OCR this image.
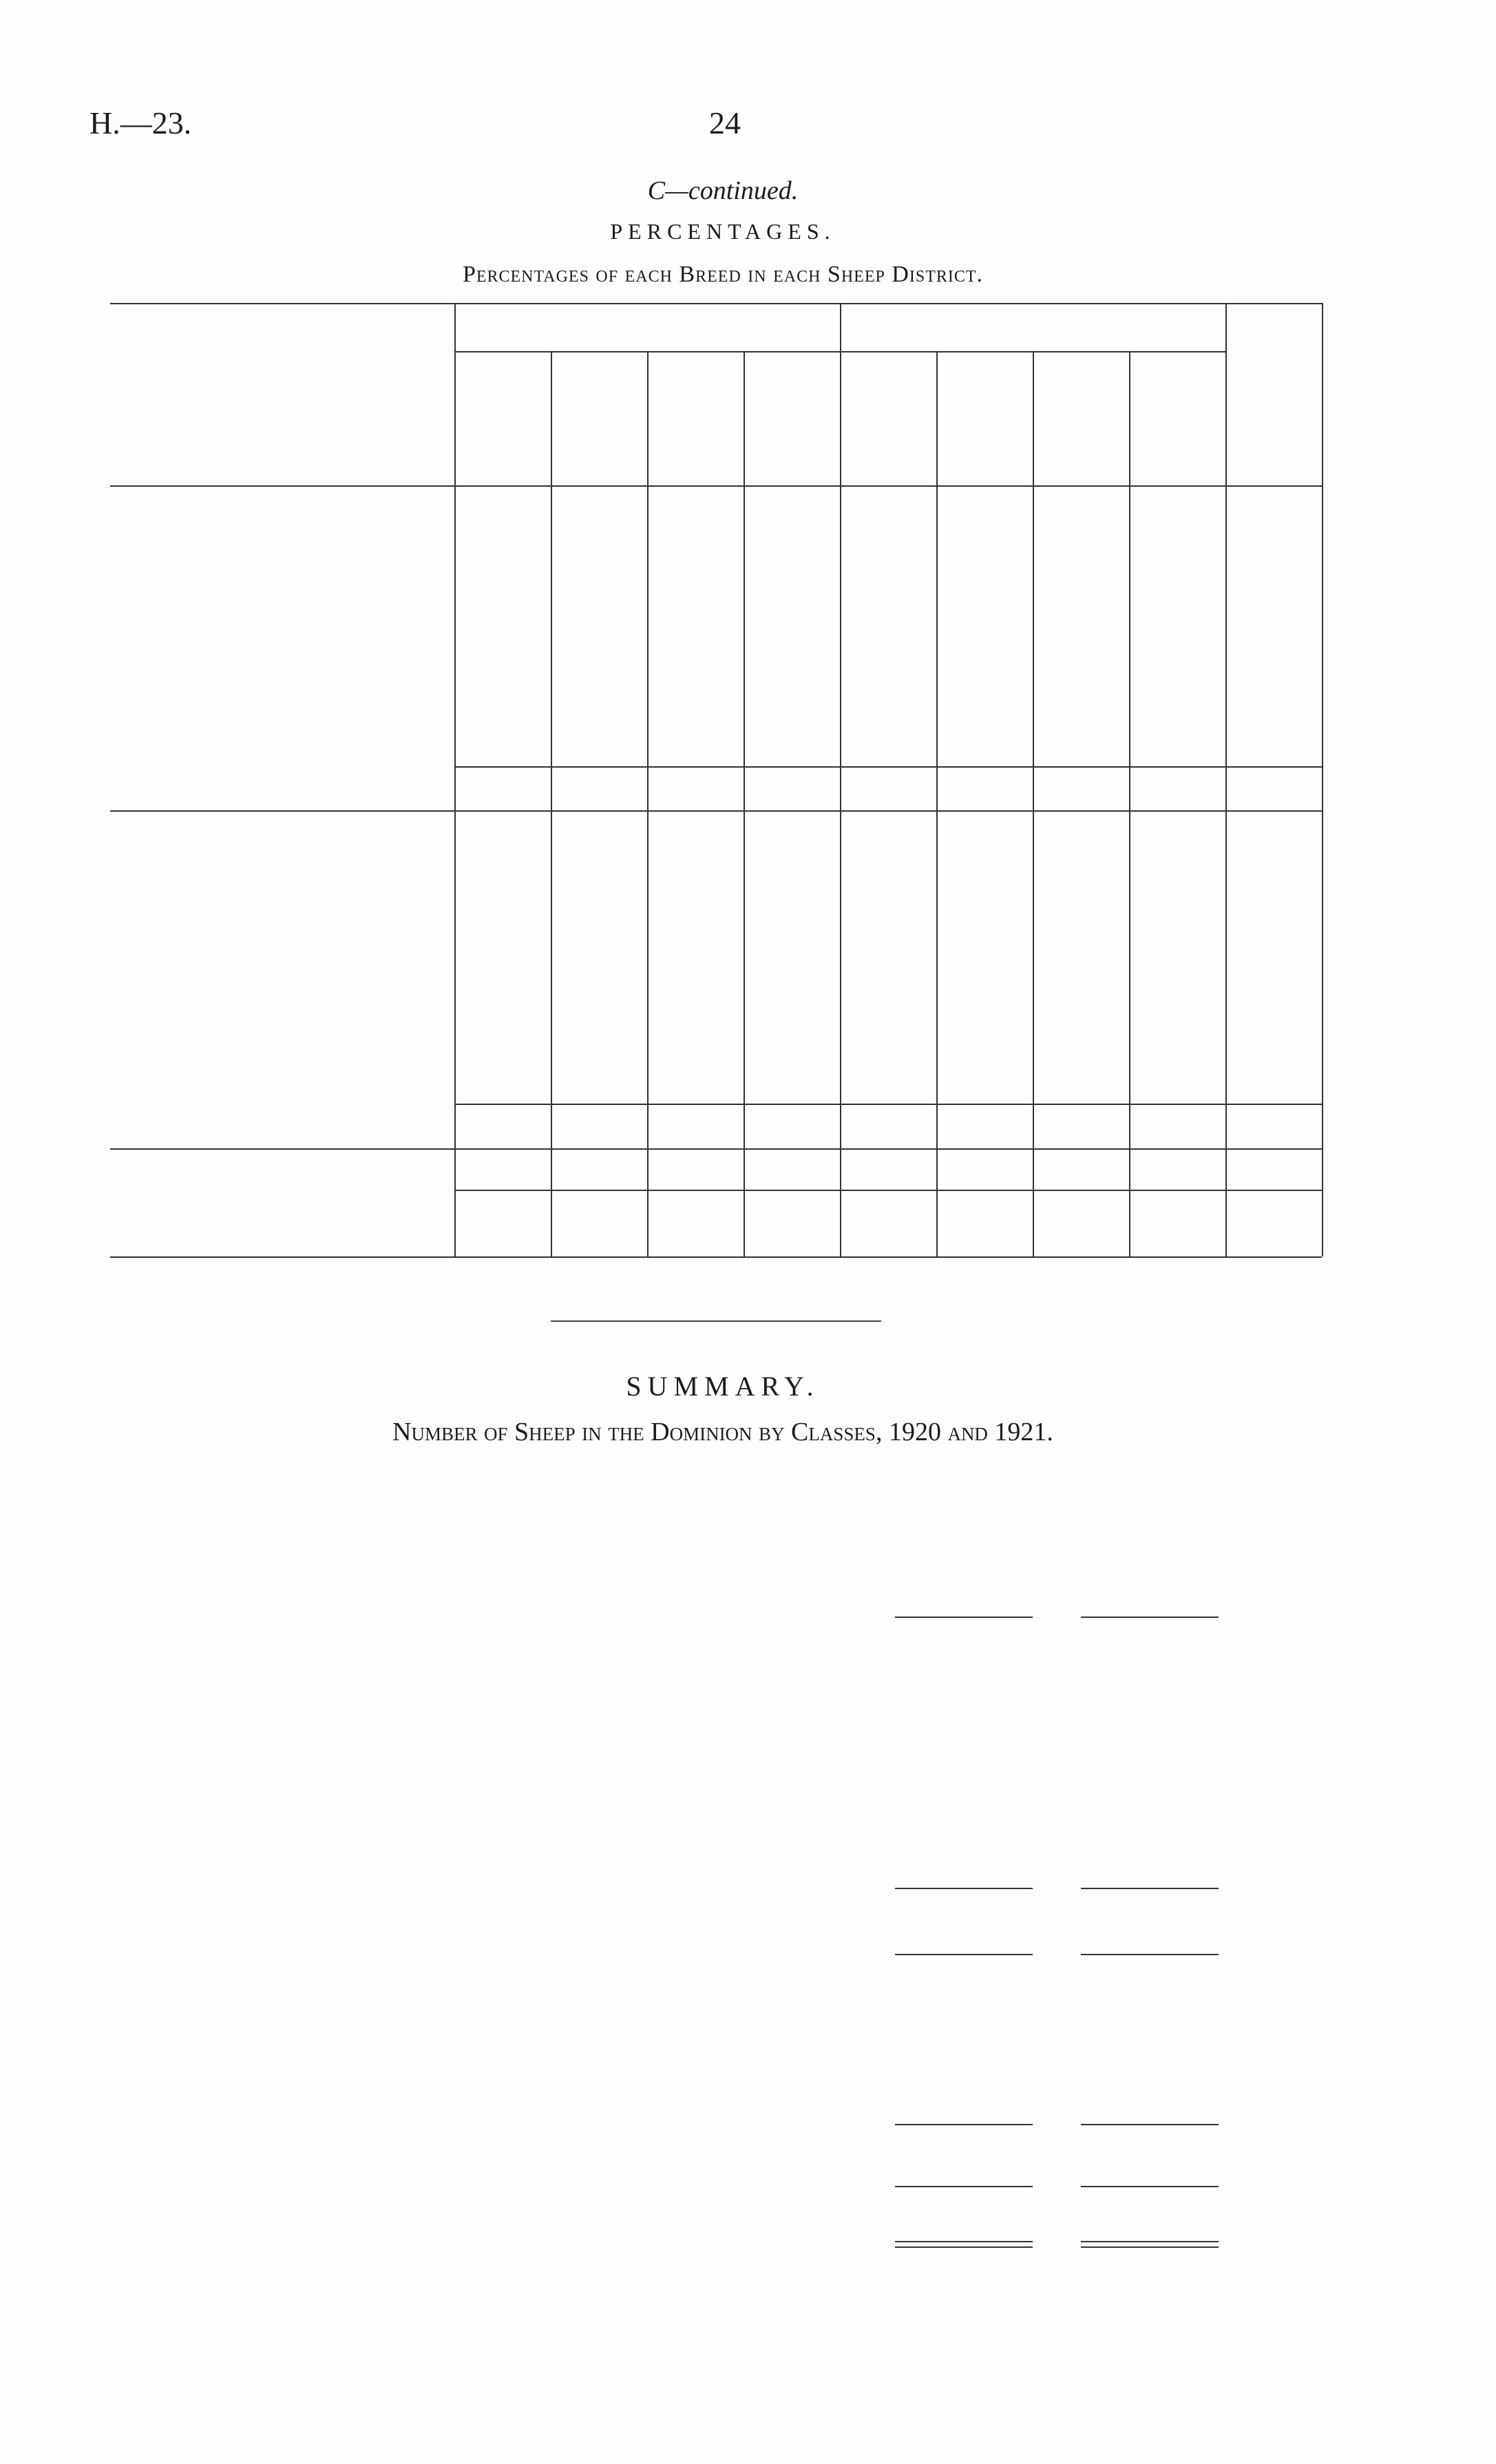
H.—23.	24
C—continued.
PERCENTAGES.
Percentages of each Breed in each Sheep District.
SUMMARY.
Number of Sheep in the Dominion by Classes, 1920 and 1921.
